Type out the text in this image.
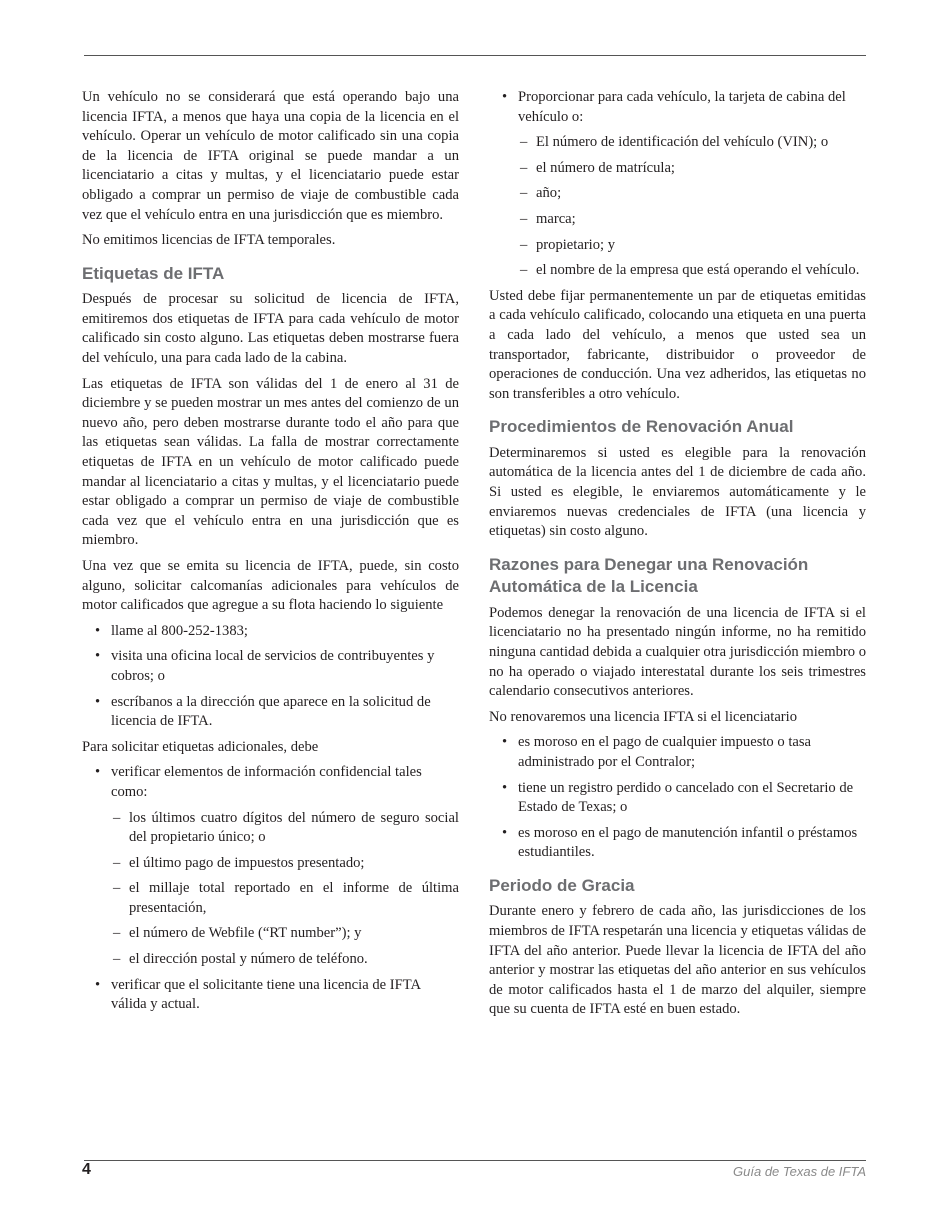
Un vehículo no se considerará que está operando bajo una licencia IFTA, a menos que haya una copia de la licencia en el vehículo. Operar un vehículo de motor calificado sin una copia de la licencia de IFTA original se puede mandar a un licenciatario a citas y multas, y el licenciatario puede estar obligado a comprar un permiso de viaje de combustible cada vez que el vehículo entra en una jurisdicción que es miembro.

No emitimos licencias de IFTA temporales.

Etiquetas de IFTA

Después de procesar su solicitud de licencia de IFTA, emitiremos dos etiquetas de IFTA para cada vehículo de motor calificado sin costo alguno. Las etiquetas deben mostrarse fuera del vehículo, una para cada lado de la cabina.

Las etiquetas de IFTA son válidas del 1 de enero al 31 de diciembre y se pueden mostrar un mes antes del comienzo de un nuevo año, pero deben mostrarse durante todo el año para que las etiquetas sean válidas. La falla de mostrar correctamente etiquetas de IFTA en un vehículo de motor calificado puede mandar al licenciatario a citas y multas, y el licenciatario puede estar obligado a comprar un permiso de viaje de combustible cada vez que el vehículo entra en una jurisdicción que es miembro.

Una vez que se emita su licencia de IFTA, puede, sin costo alguno, solicitar calcomanías adicionales para vehículos de motor calificados que agregue a su flota haciendo lo siguiente

• llame al 800-252-1383;
• visita una oficina local de servicios de contribuyentes y cobros; o
• escríbanos a la dirección que aparece en la solicitud de licencia de IFTA.

Para solicitar etiquetas adicionales, debe

• verificar elementos de información confidencial tales como:
– los últimos cuatro dígitos del número de seguro social del propietario único; o
– el último pago de impuestos presentado;
– el millaje total reportado en el informe de última presentación,
– el número de Webfile (“RT number”); y
– el dirección postal y número de teléfono.
• verificar que el solicitante tiene una licencia de IFTA válida y actual.
• Proporcionar para cada vehículo, la tarjeta de cabina del vehículo o:
– El número de identificación del vehículo (VIN); o
– el número de matrícula;
– año;
– marca;
– propietario; y
– el nombre de la empresa que está operando el vehículo.

Usted debe fijar permanentemente un par de etiquetas emitidas a cada vehículo calificado, colocando una etiqueta en una puerta a cada lado del vehículo, a menos que usted sea un transportador, fabricante, distribuidor o proveedor de operaciones de conducción. Una vez adheridos, las etiquetas no son transferibles a otro vehículo.

Procedimientos de Renovación Anual

Determinaremos si usted es elegible para la renovación automática de la licencia antes del 1 de diciembre de cada año. Si usted es elegible, le enviaremos automáticamente y le enviaremos nuevas credenciales de IFTA (una licencia y etiquetas) sin costo alguno.

Razones para Denegar una Renovación Automática de la Licencia

Podemos denegar la renovación de una licencia de IFTA si el licenciatario no ha presentado ningún informe, no ha remitido ninguna cantidad debida a cualquier otra jurisdicción miembro o no ha operado o viajado interestatal durante los seis trimestres calendario consecutivos anteriores.

No renovaremos una licencia IFTA si el licenciatario

• es moroso en el pago de cualquier impuesto o tasa administrado por el Contralor;
• tiene un registro perdido o cancelado con el Secretario de Estado de Texas; o
• es moroso en el pago de manutención infantil o préstamos estudiantiles.
Periodo de Gracia

Durante enero y febrero de cada año, las jurisdicciones de los miembros de IFTA respetarán una licencia y etiquetas válidas de IFTA del año anterior. Puede llevar la licencia de IFTA del año anterior y mostrar las etiquetas del año anterior en sus vehículos de motor calificados hasta el 1 de marzo del alquiler, siempre que su cuenta de IFTA esté en buen estado.

4	Guía de Texas de IFTA
